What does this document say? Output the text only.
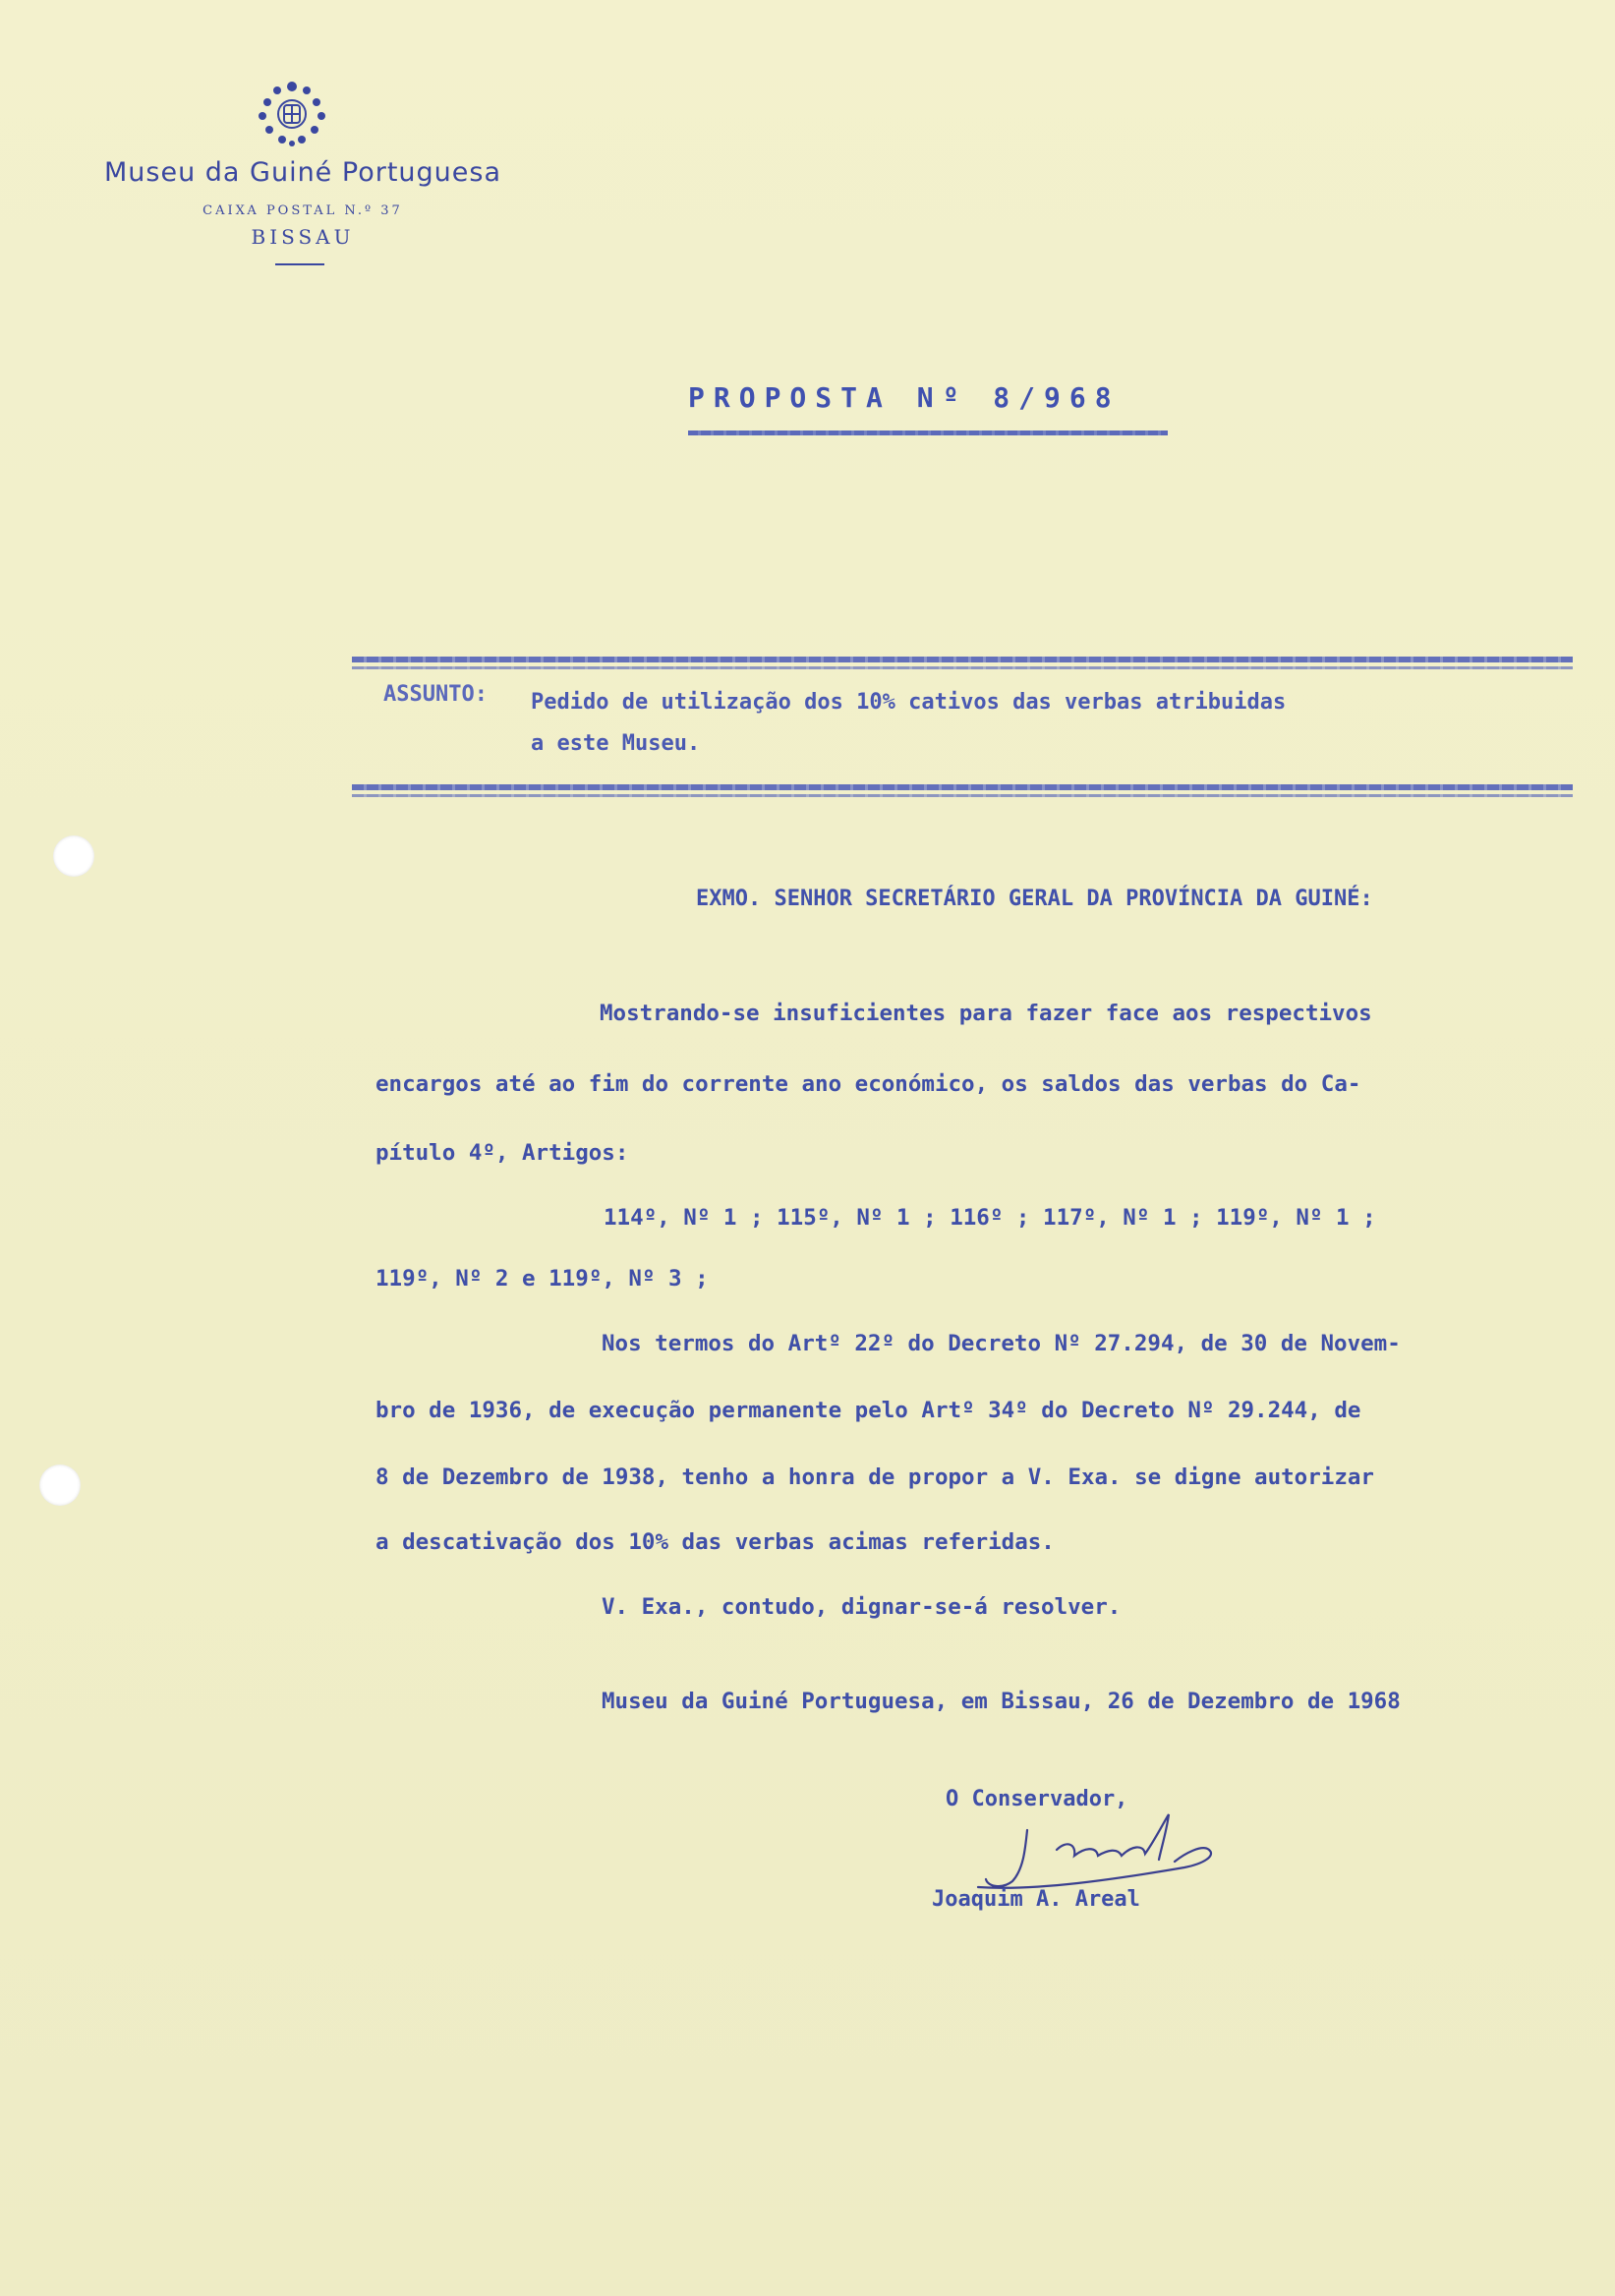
Museu da Guiné Portuguesa
CAIXA POSTAL N.º 37
BISSAU
PROPOSTA Nº 8/968
ASSUNTO: Pedido de utilização dos 10% cativos das verbas atribuidas
a este Museu.
EXMO. SENHOR SECRETÁRIO GERAL DA PROVÍNCIA DA GUINÉ:
Mostrando-se insuficientes para fazer face aos respectivos
encargos até ao fim do corrente ano económico, os saldos das verbas do Ca-
pítulo 4º, Artigos:
114º, Nº 1 ; 115º, Nº 1 ; 116º ; 117º, Nº 1 ; 119º, Nº 1 ;
119º, Nº 2 e 119º, Nº 3 ;
Nos termos do Artº 22º do Decreto Nº 27.294, de 30 de Novem-
bro de 1936, de execução permanente pelo Artº 34º do Decreto Nº 29.244, de
8 de Dezembro de 1938, tenho a honra de propor a V. Exa. se digne autorizar
a descativação dos 10% das verbas acimas referidas.
V. Exa., contudo, dignar-se-á resolver.
Museu da Guiné Portuguesa, em Bissau, 26 de Dezembro de 1968
O Conservador,
Joaquim A. Areal
